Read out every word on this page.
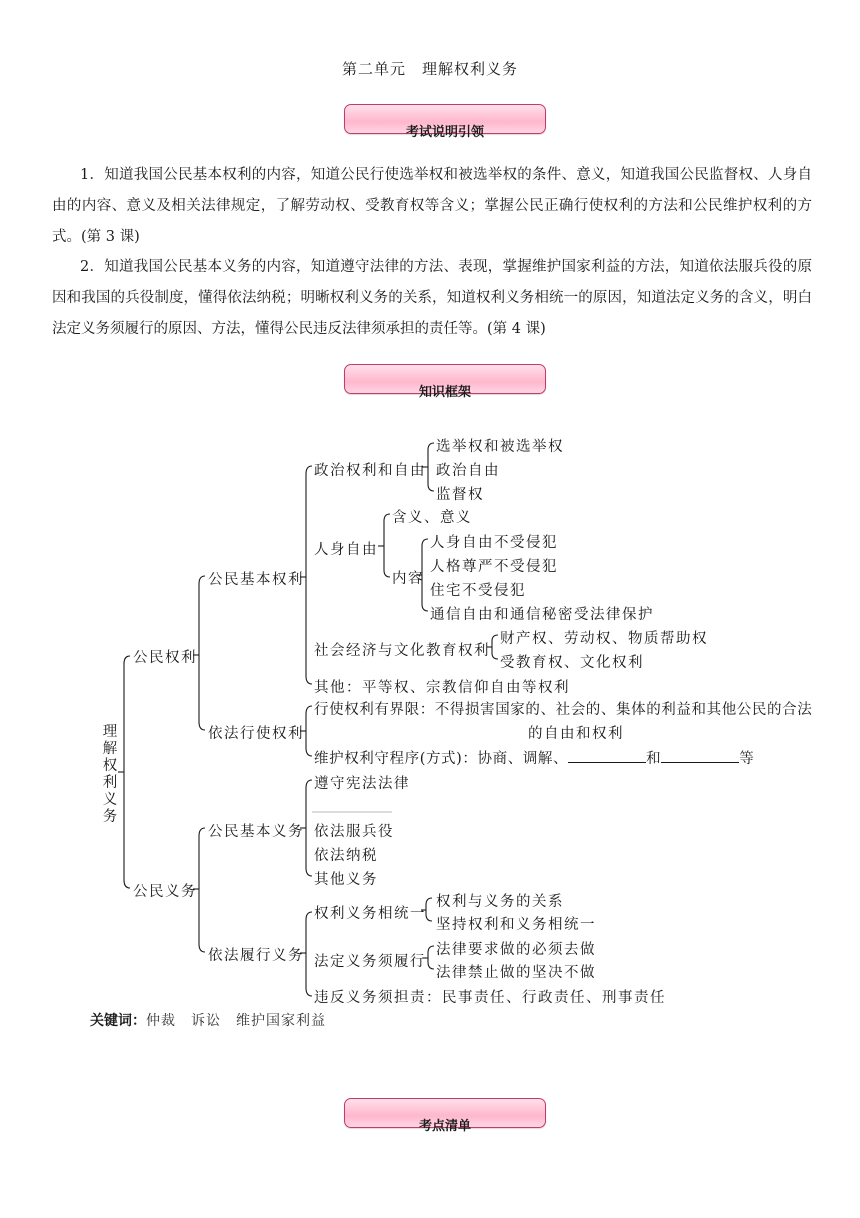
第二单元　理解权利义务
考试说明引领
1．知道我国公民基本权利的内容，知道公民行使选举权和被选举权的条件、意义，知道我国公民监督权、人身自由的内容、意义及相关法律规定，了解劳动权、受教育权等含义；掌握公民正确行使权利的方法和公民维护权利的方式。(第 3 课)
2．知道我国公民基本义务的内容，知道遵守法律的方法、表现，掌握维护国家利益的方法，知道依法服兵役的原因和我国的兵役制度，懂得依法纳税；明晰权利义务的关系，知道权利义务相统一的原因，知道法定义务的含义，明白法定义务须履行的原因、方法，懂得公民违反法律须承担的责任等。(第 4 课)
知识框架
理解权利义务
公民权利
公民义务
公民基本权利
依法行使权利
政治权利和自由
选举权和被选举权
政治自由
监督权
人身自由
含义、意义
内容
人身自由不受侵犯
人格尊严不受侵犯
住宅不受侵犯
通信自由和通信秘密受法律保护
社会经济与文化教育权利
财产权、劳动权、物质帮助权
受教育权、文化权利
其他：平等权、宗教信仰自由等权利
行使权利有界限：不得损害国家的、社会的、集体的利益和其他公民的合法
的自由和权利
维护权利守程序(方式)：协商、调解、	和	等
公民基本义务
遵守宪法法律
依法服兵役
依法纳税
其他义务
依法履行义务
权利义务相统一
权利与义务的关系
坚持权利和义务相统一
法定义务须履行
法律要求做的必须去做
法律禁止做的坚决不做
违反义务须担责：民事责任、行政责任、刑事责任
关键词：仲裁　诉讼　维护国家利益
考点清单
